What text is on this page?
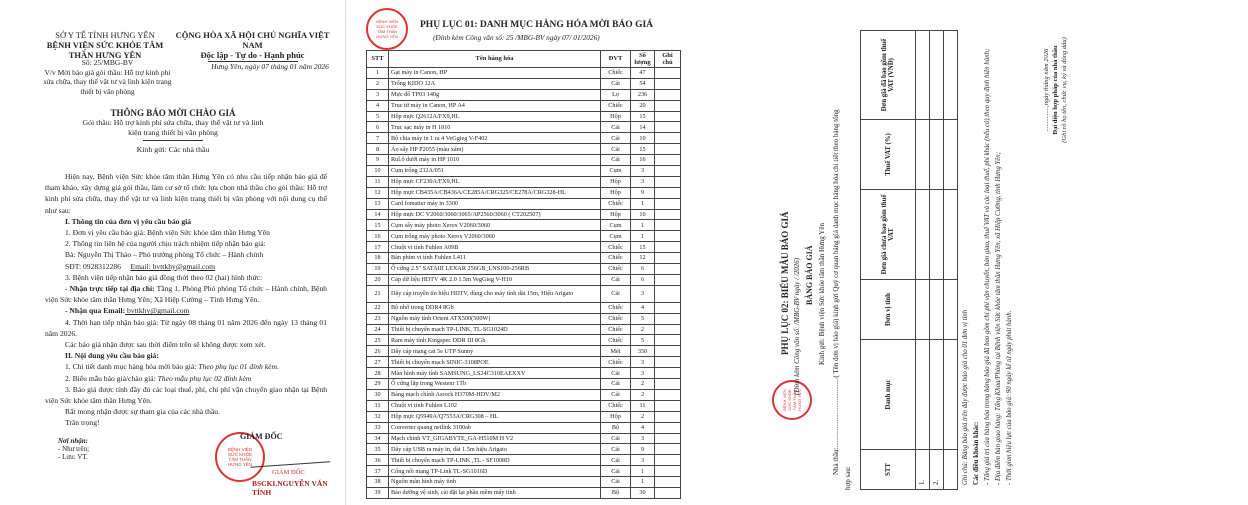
SỞ Y TẾ TỈNH HƯNG YÊN
BỆNH VIỆN SỨC KHỎE TÂM THẦN HƯNG YÊN
CỘNG HÒA XÃ HỘI CHỦ NGHĨA VIỆT NAM
Độc lập - Tự do - Hạnh phúc
Số: 25/MBG-BV
V/v Mời báo giá gói thầu: Hỗ trợ kinh phí sửa chữa, thay thế vật tư và linh kiện trang thiết bị văn phòng
Hưng Yên, ngày 07 tháng 01 năm 2026
THÔNG BÁO MỜI CHÀO GIÁ
Gói thầu: Hỗ trợ kinh phí sửa chữa, thay thế vật tư và linh kiện trang thiết bị văn phòng
Kính gửi: Các nhà thầu
Hiện nay, Bệnh viện Sức khỏe tâm thần Hưng Yên có nhu cầu tiếp nhận báo giá để tham khảo, xây dựng giá gói thầu, làm cơ sở tổ chức lựa chọn nhà thầu cho gói thầu: Hỗ trợ kinh phí sửa chữa, thay thế vật tư và linh kiện trang thiết bị văn phòng với nội dung cụ thể như sau:
I. Thông tin của đơn vị yêu cầu báo giá
1. Đơn vị yêu cầu báo giá: Bệnh viện Sức khỏe tâm thần Hưng Yên
2. Thông tin liên hệ của người chịu trách nhiệm tiếp nhận báo giá:
Bà: Nguyễn Thị Thảo – Phó trưởng phòng Tổ chức – Hành chính
SĐT: 0928312286 Email: bvttkhy@gmail.com
3. Bệnh viện tiếp nhận báo giá đồng thời theo 02 (hai) hình thức:
- Nhận trực tiếp tại địa chỉ: Tầng 1, Phòng Phó phòng Tổ chức – Hành chính, Bệnh viện Sức khỏe tâm thần Hưng Yên; Xã Hiệp Cường – Tỉnh Hưng Yên.
- Nhận qua Email: bvttkhy@gmail.com
4. Thời hạn tiếp nhận báo giá: Từ ngày 08 tháng 01 năm 2026 đến ngày 13 tháng 01 năm 2026.
Các báo giá nhận được sau thời điểm trên sẽ không được xem xét.
II. Nội dung yêu cầu báo giá:
1. Chi tiết danh mục hàng hóa mời báo giá: Theo phụ lục 01 đính kèm.
2. Biểu mẫu báo giá/chào giá: Theo mẫu phụ lục 02 đính kèm
3. Báo giá được tính đầy đủ các loại thuế, phí, chi phí vận chuyển giao nhận tại Bệnh viện Sức khỏe tâm thần Hưng Yên.
Rất mong nhận được sự tham gia của các nhà thầu.
Trân trọng!
Nơi nhận:
- Như trên;
- Lưu: VT.
BỆNH VIỆN SỨC KHỎE TÂM THẦN HƯNG YÊN
GIÁM ĐỐC
GIÁM ĐỐC
BSCKI.NGUYỄN VĂN TÍNH
BỆNH VIỆN SỨC KHỎE TÂM THẦN HƯNG YÊN
PHỤ LỤC 01: DANH MỤC HÀNG HÓA MỜI BÁO GIÁ
(Đính kèm Công văn số: 25 /MBG-BV ngày 07/ 01/2026)
STT	Tên hàng hóa	ĐVT	Số lượng	Ghi chú
1	Gạt máy in Canon, HP	Chiếc	47	
2	Trống KIDO 12A	Cái	54	
3	Mực đổ TP03 140g	Lọ	236	
4	Trục từ máy in Canon, HP A4	Chiếc	20	
5	Hộp mực Q2612A/FX9,HL	Hộp	15	
6	Trục sạc máy in H 1010	Cái	14	
7	Bộ chia máy in 1 ra 4 VeGgieg V-F402	Cái	10	
8	Áo sấy HP P2055 (màu xám)	Cái	15	
9	Rul.ô dưới máy in HP 1010	Cái	16	
10	Cụm trống 232A/051	Cụm	3	
11	Hộp mực CF230A/FX9,HL	Hộp	3	
12	Hộp mực CB435A/CB436A/CE285A/CRG325/CE278A/CRG328-HL	Hộp	9	
13	Card fomatter máy in 3300	Chiếc	1	
14	Hộp mực DC V2060/3060/3065/AP2560/3060 ( CT202507)	Hộp	10	
15	Cụm sấy máy photo Xerox V2060/3060	Cụm	1	
16	Cụm trống máy photo Xerox V2060/3060	Cụm	1	
17	Chuột vi tính Fuhlen A09B	Chiếc	15	
18	Bàn phím vi tính Fuhlen L411	Chiếc	12	
19	Ổ cứng 2.5" SATAIII LEXAR 256GB_LNS100-256RB	Chiếc	6	
20	Cáp dữ liệu HDTV 4K 2.0 1.5m VegGieg V-H10	Cái	6	
21	Dây cáp truyền tín hiệu HDTV, dùng cho máy tính dài 15m, Hiệu Arigato	Cái	3	
22	Bộ nhớ trong DDR4 8Gb	Chiếc	4	
23	Nguồn máy tính Orient ATX500(500W)	Chiếc	5	
24	Thiết bị chuyển mạch TP-LINK, TL-SG1024D	Chiếc	2	
25	Ram máy tính Kingspec DDR III 8Gb	Chiếc	5	
26	Dây cáp mạng cat 5e UTP Sunny	Mét	350	
27	Thiết bị chuyển mạch SINIC-3108POE	Chiếc	3	
28	Màn hình máy tính SAMSUNG_LS24C310EAEXXV	Cái	3	
29	Ổ cứng lắp trong Westenr 1Tb	Cái	2	
30	Bảng mạch chính Asrock H370M-HDV/M2	Cái	2	
31	Chuột vi tính Fuhlen L102	Chiếc	11	
32	Hộp mực Q5949A/Q7553A/CRG308 – HL	Hộp	2	
33	Converter quang netlink 3100ab	Bộ	4	
34	Mạch chính VT_GIGABYTE_GA-H510M H V2	Cái	3	
35	Dây cáp USB ra máy in, dài 1.5m hiệu Arigato	Cái	9	
36	Thiết bị chuyển mạch TP-LINK ,TL - SF1008D	Cái	3	
37	Cổng nối mạng TP-Link TL-SG1016D	Cái	1	
38	Nguồn màn hình máy tính	Cái	1	
39	Bảo dưỡng vệ sinh, cài đặt lại phần mềm máy tính	Bộ	30	
BỆNH VIỆN SỨC KHỎE TÂM THẦN HƯNG YÊN
PHỤ LỤC 02: BIỂU MẪU BÁO GIÁ (Đính kèm Công văn số: /MBG-BV ngày / /2026) BẢNG BÁO GIÁ Kính gửi: Bệnh viện Sức khỏe tâm thần Hưng Yên Nhà thầu:........................................( Tên đơn vị báo giá) kính gửi Quý cơ quan bảng giá danh mục hàng hóa chi tiết theo bảng tổng
hợp sau:	STT	Danh mục	Đơn vị tính	Đơn giá chưa bao gồm thuế VAT	Thuế VAT (%)	Đơn giá đã bao gồm thuế VAT (VNĐ)
1.					
2.					
						Ghi chú: Bảng báo giá trên đây được báo giá cho 01 đơn vị tính Các điều khoản khác: - Tổng giá trị của hàng hóa trong bảng báo giá đã bao gồm chi phí vận chuyển, bàn giao, thuế VAT và các loại thuế, phí khác (nếu có) theo quy định hiện hành; - Địa điểm bàn giao hàng: Tổng Khoa/Phòng tại Bệnh viện Sức khỏe tâm thần Hưng Yên, xã Hiệp Cường, tỉnh Hưng Yên; - Thời gian hiệu lực của báo giá: 90 ngày kể từ ngày phát hành.
...............,ngày tháng năm 2026 Đại diện hợp pháp của nhà thầu (Ghi rõ họ tên, chức vụ, ký và đóng dấu)
